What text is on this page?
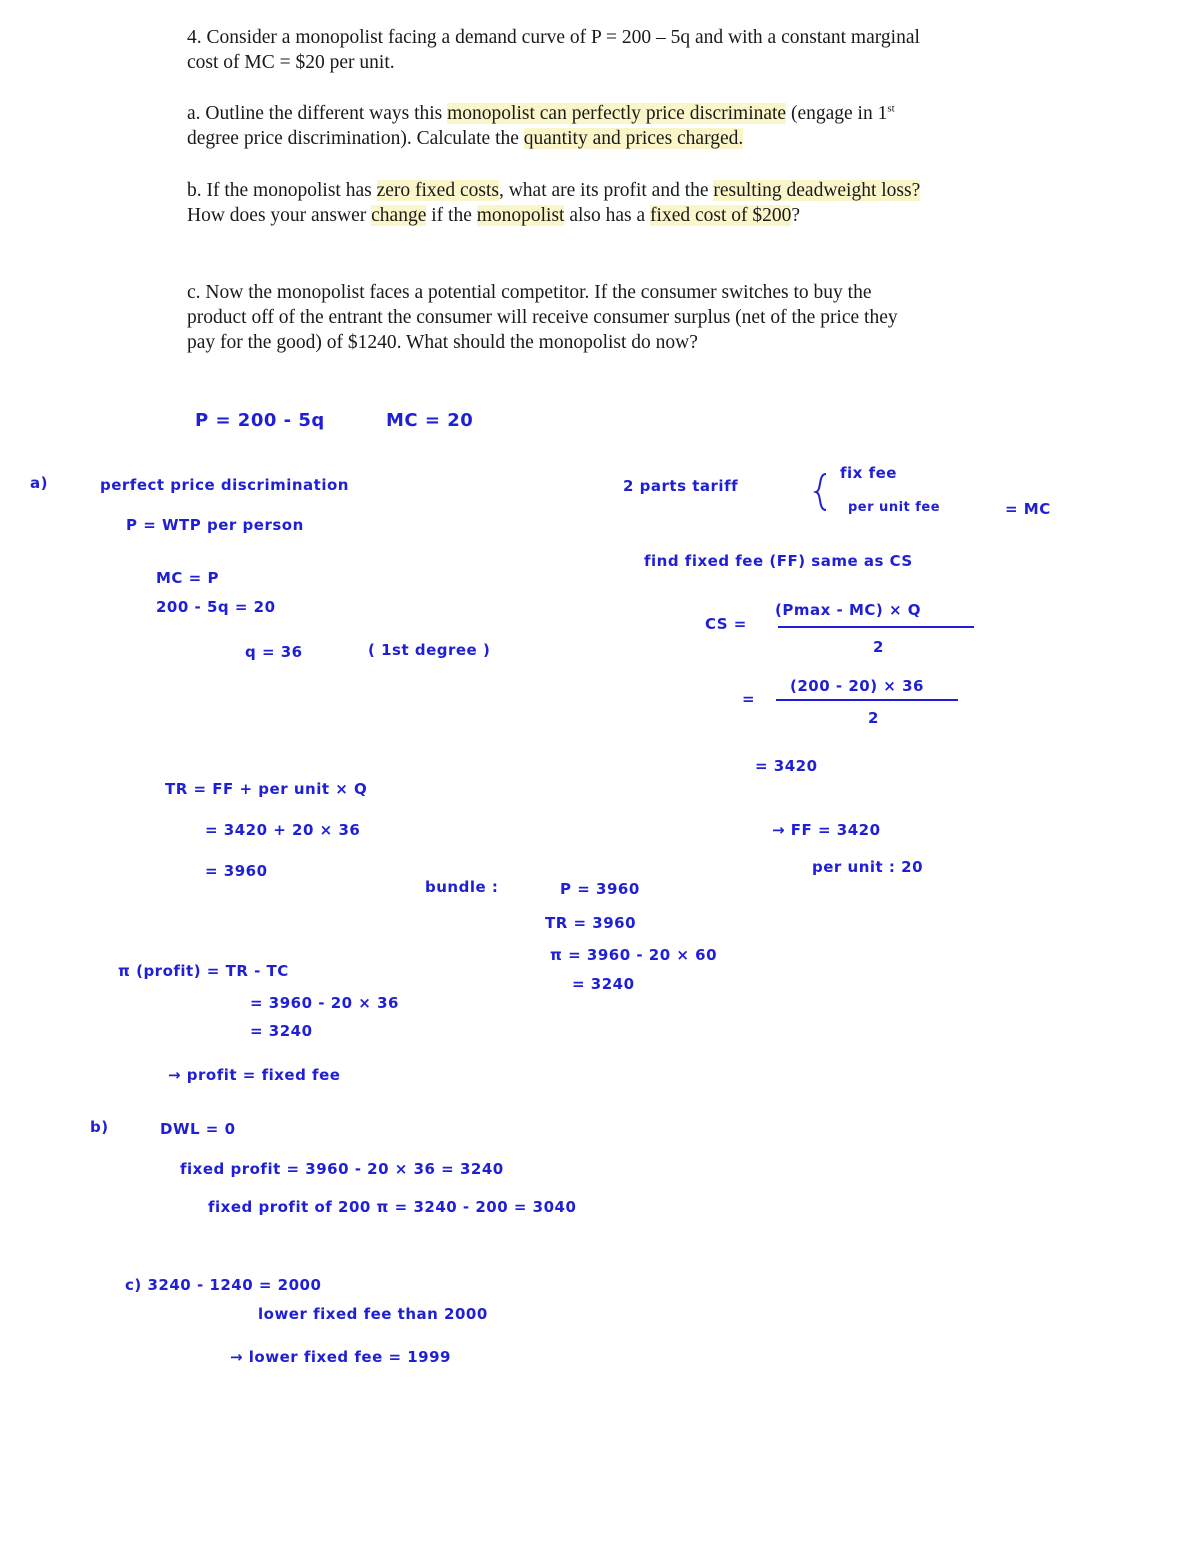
4. Consider a monopolist facing a demand curve of P = 200 – 5q and with a constant marginal
cost of MC = $20 per unit.

a. Outline the different ways this monopolist can perfectly price discriminate (engage in 1st
degree price discrimination). Calculate the quantity and prices charged.

b. If the monopolist has zero fixed costs, what are its profit and the resulting deadweight loss?
How does your answer change if the monopolist also has a fixed cost of $200?

c. Now the monopolist faces a potential competitor. If the consumer switches to buy the
product off of the entrant the consumer will receive consumer surplus (net of the price they
pay for the good) of $1240. What should the monopolist do now?

P = 200 - 5q	MC = 20
a)	perfect price discrimination
P = WTP per person
MC = P
200 - 5q = 20
q = 36	( 1st degree )
2 parts tariff
fix fee
per unit fee	= MC
find fixed fee (FF) same as CS
CS =
(Pmax - MC) × Q
2
=
(200 - 20) × 36
2
= 3420
→ FF = 3420
per unit : 20
TR = FF + per unit × Q
= 3420 + 20 × 36
= 3960
bundle :	P = 3960
TR = 3960
π = 3960 - 20 × 60
= 3240
π (profit) = TR - TC
= 3960 - 20 × 36
= 3240
→ profit = fixed fee
b)	DWL = 0
fixed profit = 3960 - 20 × 36 = 3240
fixed profit of 200 π = 3240 - 200 = 3040
c) 3240 - 1240 = 2000
lower fixed fee than 2000
→ lower fixed fee = 1999
